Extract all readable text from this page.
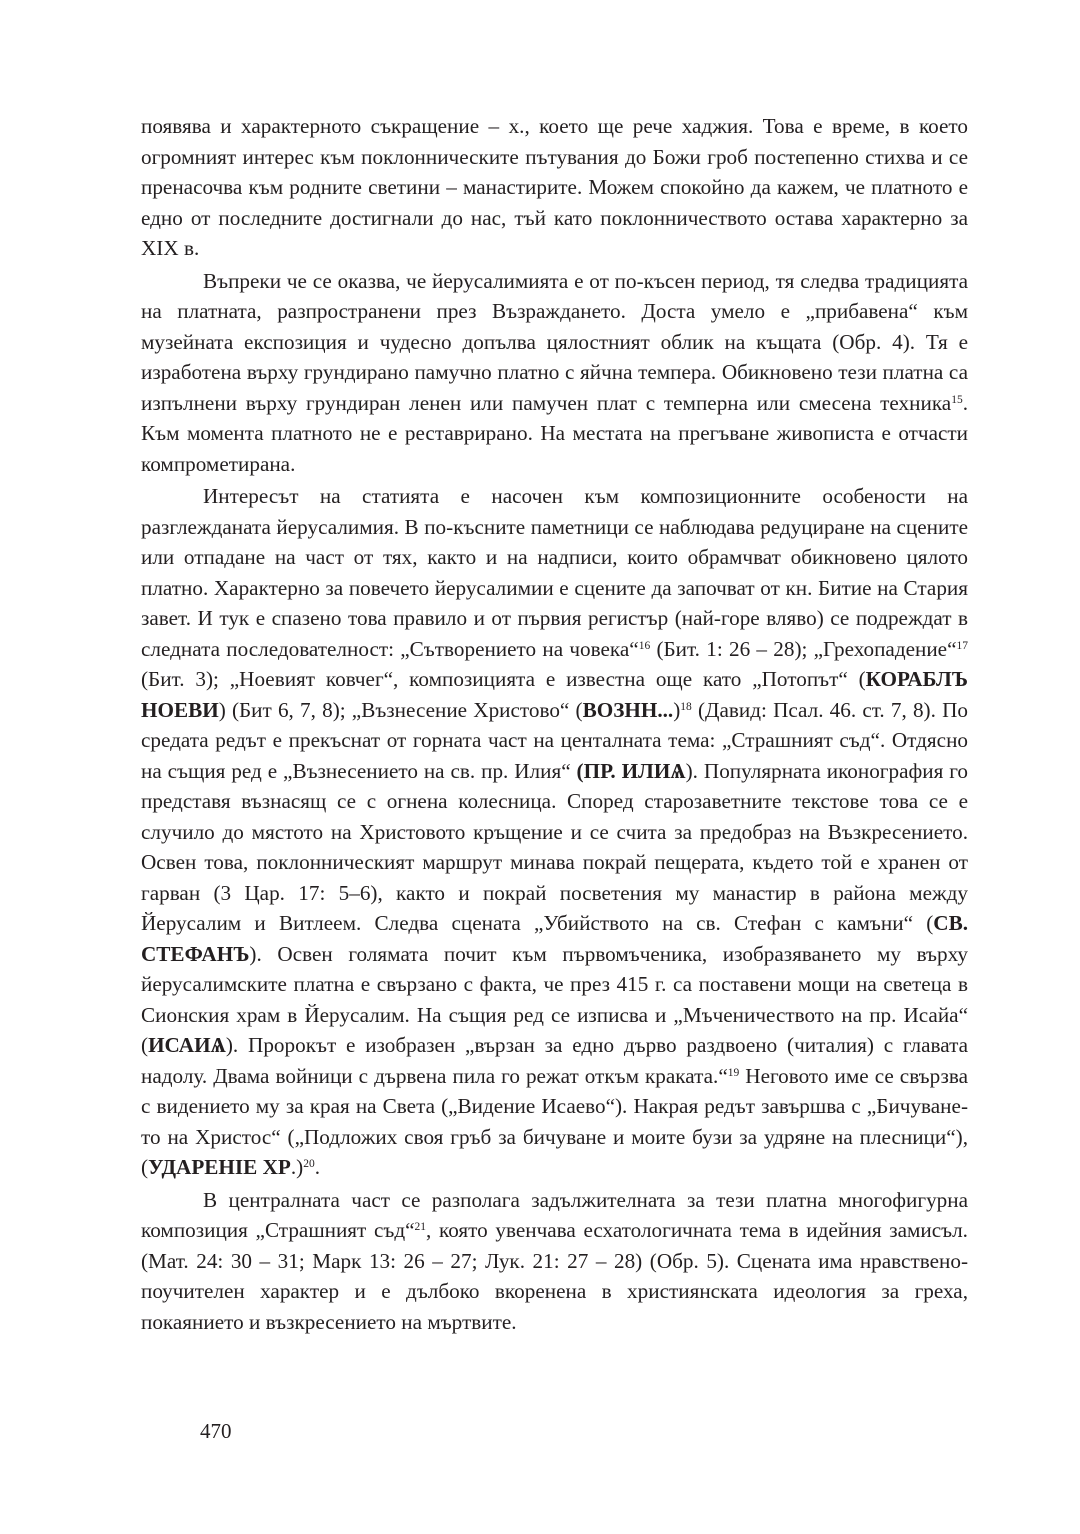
появява и характерното съкращение – х., което ще рече хаджия. Това е време, в което огромният интерес към поклонническите пътувания до Божи гроб постепенно стихва и се пренасочва към родните светини – манастирите. Можем спокойно да кажем, че платното е едно от последните достигнали до нас, тъй като поклонничеството остава характерно за XIX в.

Въпреки че се оказва, че йерусалимията е от по-късен период, тя следва традицията на платната, разпространени през Възраждането. Доста умело е „прибавена“ към музейната експозиция и чудесно допълва цялостният облик на къщата (Обр. 4). Тя е изработена върху грундирано памучно платно с яйчна темпера. Обикновено тези платна са изпълнени върху грундиран ленен или памучен плат с темперна или смесена техника$^{15}$. Към момента платното не е реставрирано. На местата на прегъване живописта е отчасти компрометирана.

Интересът на статията е насочен към композиционните особености на разглежданата йерусалимия. В по-късните паметници се наблюдава редуциране на сцените или отпадане на част от тях, както и на надписи, които обрамчват обикновено цялото платно. Характерно за повечето йерусалимии е сцените да започват от кн. Битие на Стария завет. И тук е спазено това правило и от първия регистър (най-горе вляво) се подреждат в следната последователност: „Сътворението на човека“$^{16}$ (Бит. 1: 26 – 28); „Грехопадение“$^{17}$ (Бит. 3); „Ноевият ковчег“, композицията е известна още като „Потопът“ (КОРАБЛЪ НОЕВИ) (Бит 6, 7, 8); „Възнесение Христово“ (ВОЗНН...)$^{18}$ (Давид: Псал. 46. ст. 7, 8). По средата редът е прекъснат от горната част на центалната тема: „Страшният съд“. Отдясно на същия ред е „Възнесението на св. пр. Илия“ (ПР. ИЛИѦ). Популярната иконография го представя възнасящ се с огнена колесница. Според старозаветните текстове това се е случило до мястото на Христовото кръщение и се счита за предобраз на Възкресението. Освен това, поклонническият маршрут минава покрай пещерата, където той е хранен от гарван (3 Цар. 17: 5–6), както и покрай посветения му манастир в района между Йерусалим и Витлеем. Следва сцената „Убийството на св. Стефан с камъни“ (СВ. СТЕФАНЪ). Освен голямата почит към първомъченика, изобразяването му върху йерусалимските платна е свързано с факта, че през 415 г. са поставени мощи на светеца в Сионския храм в Йерусалим. На същия ред се изписва и „Мъченичеството на пр. Исайа“ (ИСАИѦ). Пророкът е изобразен „вързан за едно дърво раздвоено (читалия) с главата надолу. Двама войници с дървена пила го режат откъм краката.“$^{19}$ Неговото име се свързва с видението му за края на Света („Видение Исаево“). Накрая редът завършва с „Бичуването на Христос“ („Подложих своя гръб за бичуване и моите бузи за удряне на плесници“), (УДАРЕНІЕ ХР.)$^{20}$.

В централната част се разполага задължителната за тези платна многофигурна композиция „Страшният съд“$^{21}$, която увенчава есхатологичната тема в идейния замисъл. (Мат. 24: 30 – 31; Марк 13: 26 – 27; Лук. 21: 27 – 28) (Обр. 5). Сцената има нравствено-поучителен характер и е дълбоко вкоренена в християнската идеология за греха, покаянието и възкресението на мъртвите.

470
